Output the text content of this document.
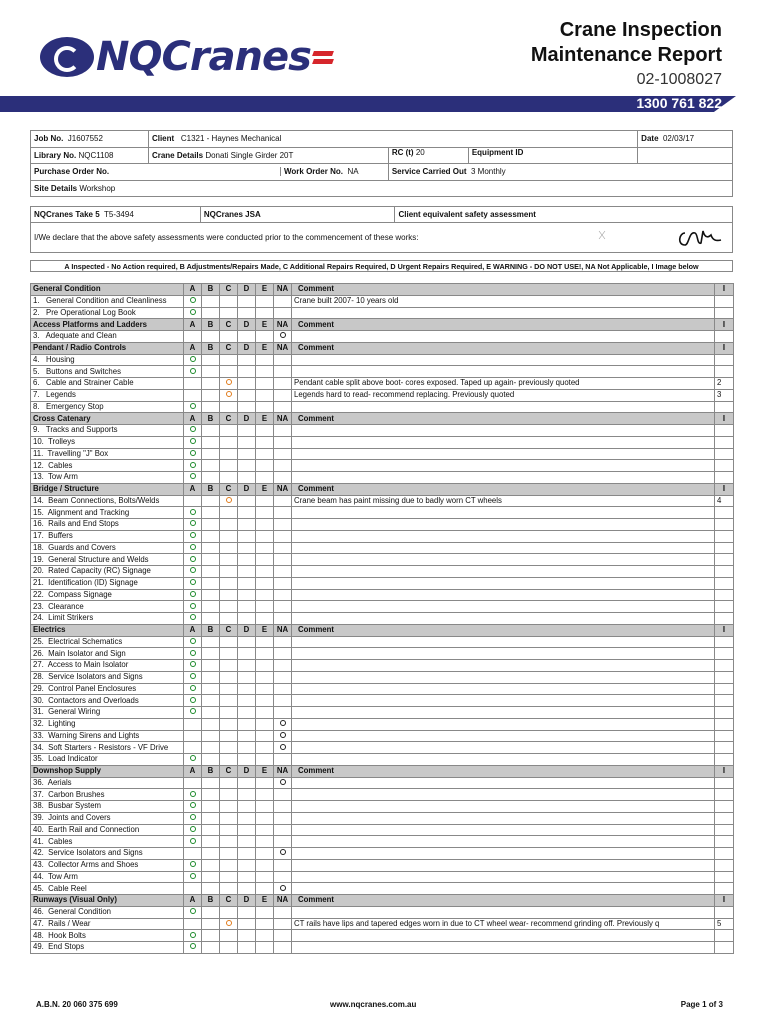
NQCranes
Crane Inspection
Maintenance Report
02-1008027
1300 761 822
Job No. J1607552	Client C1321 - Haynes Mechanical		Date 02/03/17
Library No. NQC1108	Crane Details Donati Single Girder 20T	RC (t) 20 Equipment ID	

Purchase Order No. Work Order No. NA		Service Carried Out 3 Monthly	
Site Details Workshop			
NQCranes Take 5 T5-3494	NQCranes JSA	Client equivalent safety assessment

I/We declare that the above safety assessments were conducted prior to the commencement of these works:
A Inspected - No Action required, B Adjustments/Repairs Made, C Additional Repairs Required, D Urgent Repairs Required, E WARNING - DO NOT USE!, NA Not Applicable, I Image below
General Condition	A	B	C	D	E	NA	Comment	I
1.   General Condition and Cleanliness							Crane built 2007- 10 years old	
2.   Pre Operational Log Book								
Access Platforms and Ladders	A	B	C	D	E	NA	Comment	I
3.   Adequate and Clean								
Pendant / Radio Controls	A	B	C	D	E	NA	Comment	I
4.   Housing								
5.   Buttons and Switches								
6.   Cable and Strainer Cable							Pendant cable split above boot- cores exposed. Taped up again- previously quoted	2
7.   Legends							Legends hard to read- recommend replacing. Previously quoted	3
8.   Emergency Stop								
Cross Catenary	A	B	C	D	E	NA	Comment	I
9.   Tracks and Supports								
10.  Trolleys								
11.  Travelling "J" Box								
12.  Cables								
13.  Tow Arm								
Bridge / Structure	A	B	C	D	E	NA	Comment	I
14.  Beam Connections, Bolts/Welds							Crane beam has paint missing due to badly worn CT wheels	4
15.  Alignment and Tracking								
16.  Rails and End Stops								
17.  Buffers								
18.  Guards and Covers								
19.  General Structure and Welds								
20.  Rated Capacity (RC) Signage								
21.  Identification (ID) Signage								
22.  Compass Signage								
23.  Clearance								
24.  Limit Strikers								
Electrics	A	B	C	D	E	NA	Comment	I
25.  Electrical Schematics								
26.  Main Isolator and Sign								
27.  Access to Main Isolator								
28.  Service Isolators and Signs								
29.  Control Panel Enclosures								
30.  Contactors and Overloads								
31.  General Wiring								
32.  Lighting								
33.  Warning Sirens and Lights								
34.  Soft Starters - Resistors - VF Drive								
35.  Load Indicator								
Downshop Supply	A	B	C	D	E	NA	Comment	I
36.  Aerials								
37.  Carbon Brushes								
38.  Busbar System								
39.  Joints and Covers								
40.  Earth Rail and Connection								
41.  Cables								
42.  Service Isolators and Signs								
43.  Collector Arms and Shoes								
44.  Tow Arm								
45.  Cable Reel								
Runways (Visual Only)	A	B	C	D	E	NA	Comment	I
46.  General Condition								
47.  Rails / Wear							CT rails have lips and tapered edges worn in due to CT wheel wear- recommend grinding off. Previously q	5
48.  Hook Bolts								
49.  End Stops								
A.B.N. 20 060 375 699	www.nqcranes.com.au	Page 1 of 3
